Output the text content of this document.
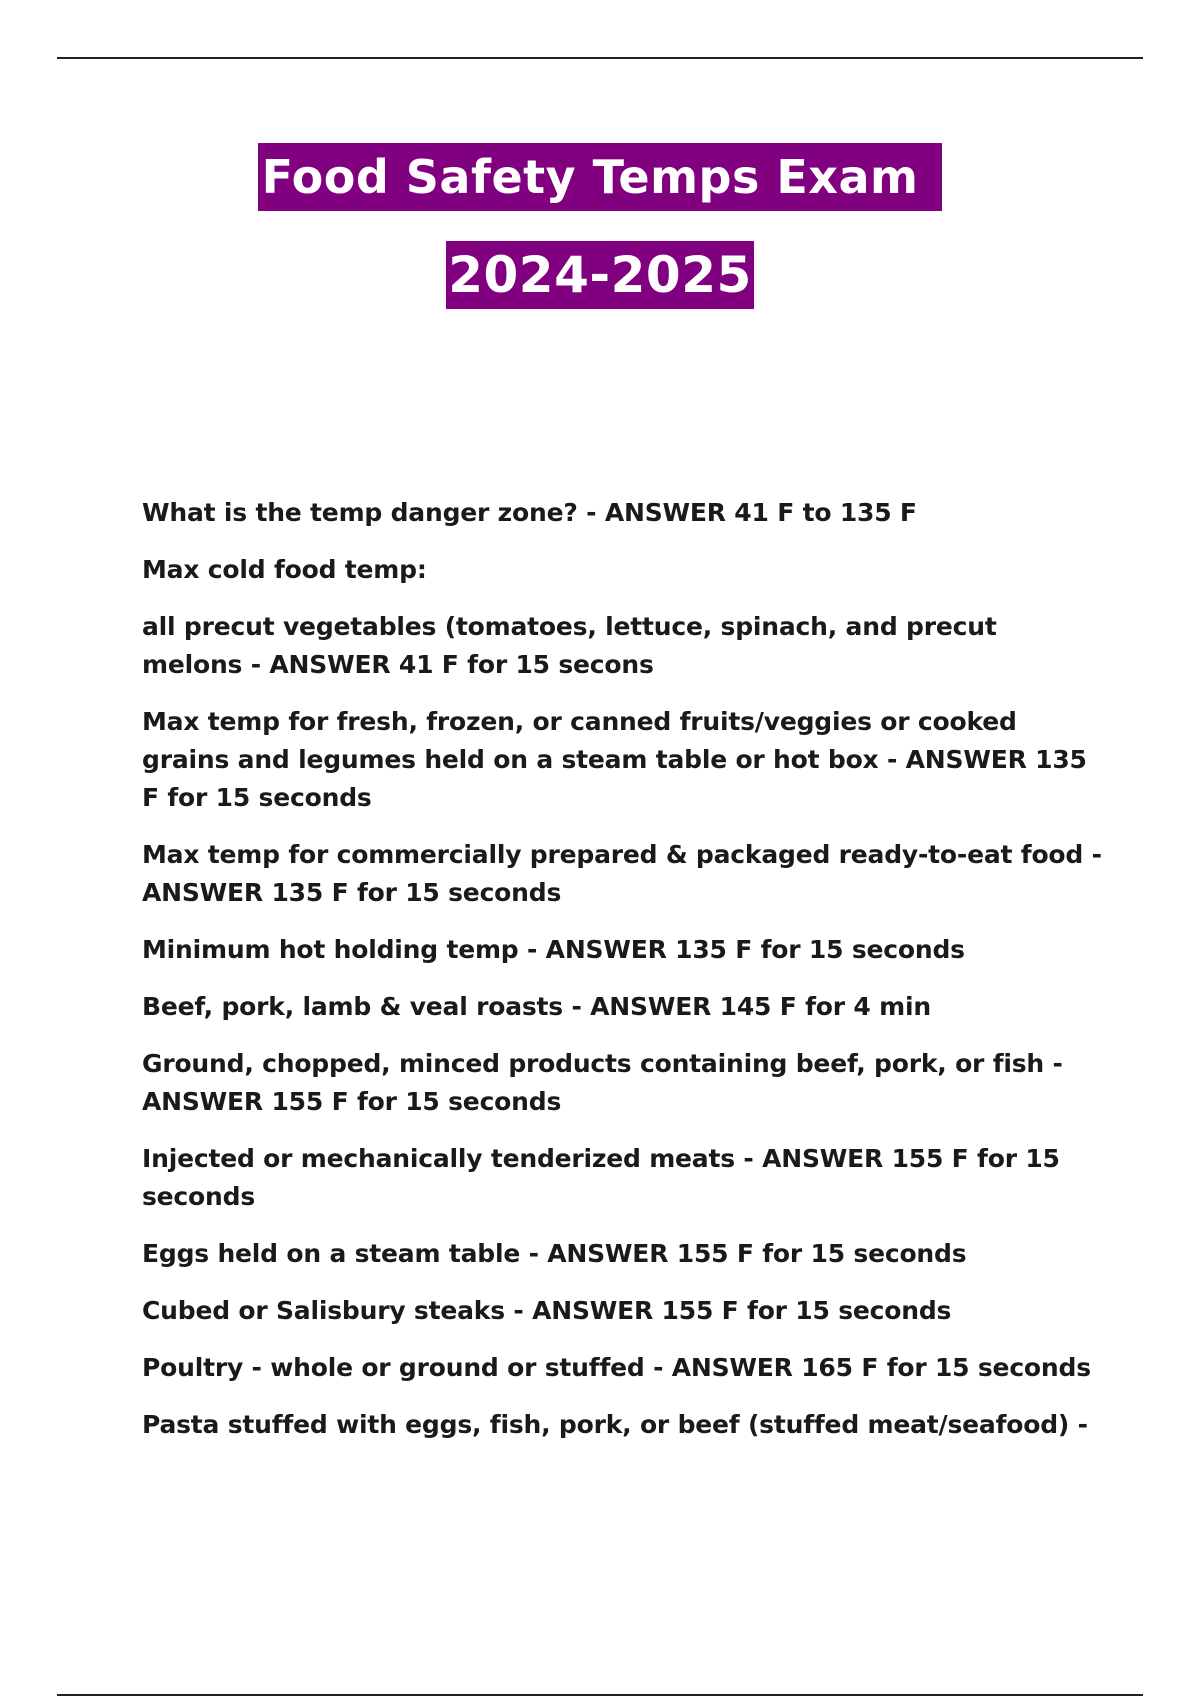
Food Safety Temps Exam
2024-2025
What is the temp danger zone? - ANSWER 41 F to 135 F
Max cold food temp:
all precut vegetables (tomatoes, lettuce, spinach, and precut melons - ANSWER 41 F for 15 secons
Max temp for fresh, frozen, or canned fruits/veggies or cooked grains and legumes held on a steam table or hot box - ANSWER 135 F for 15 seconds
Max temp for commercially prepared & packaged ready-to-eat food - ANSWER 135 F for 15 seconds
Minimum hot holding temp - ANSWER 135 F for 15 seconds
Beef, pork, lamb & veal roasts - ANSWER 145 F for 4 min
Ground, chopped, minced products containing beef, pork, or fish - ANSWER 155 F for 15 seconds
Injected or mechanically tenderized meats - ANSWER 155 F for 15 seconds
Eggs held on a steam table - ANSWER 155 F for 15 seconds
Cubed or Salisbury steaks - ANSWER 155 F for 15 seconds
Poultry - whole or ground or stuffed - ANSWER 165 F for 15 seconds
Pasta stuffed with eggs, fish, pork, or beef (stuffed meat/seafood) -
